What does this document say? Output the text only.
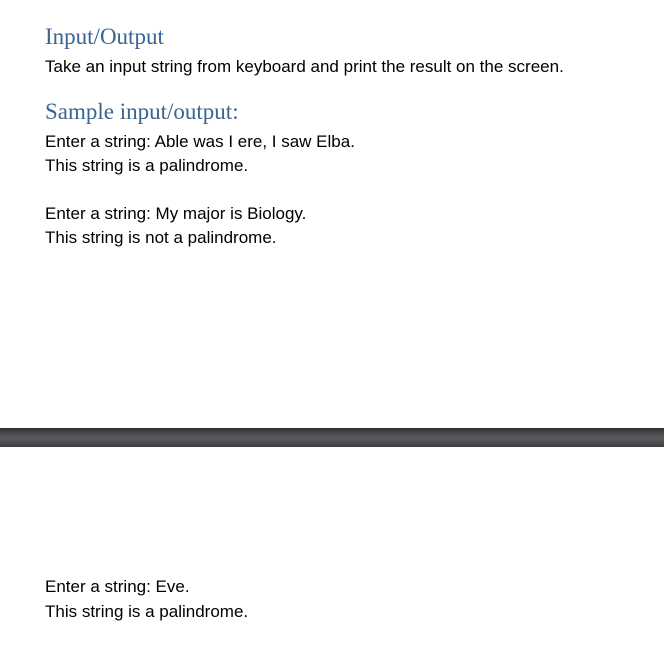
Input/Output

Take an input string from keyboard and print the result on the screen.

Sample input/output:

Enter a string: Able was I ere, I saw Elba.

This string is a palindrome.

Enter a string: My major is Biology.

This string is not a palindrome.

Enter a string: Eve.

This string is a palindrome.
